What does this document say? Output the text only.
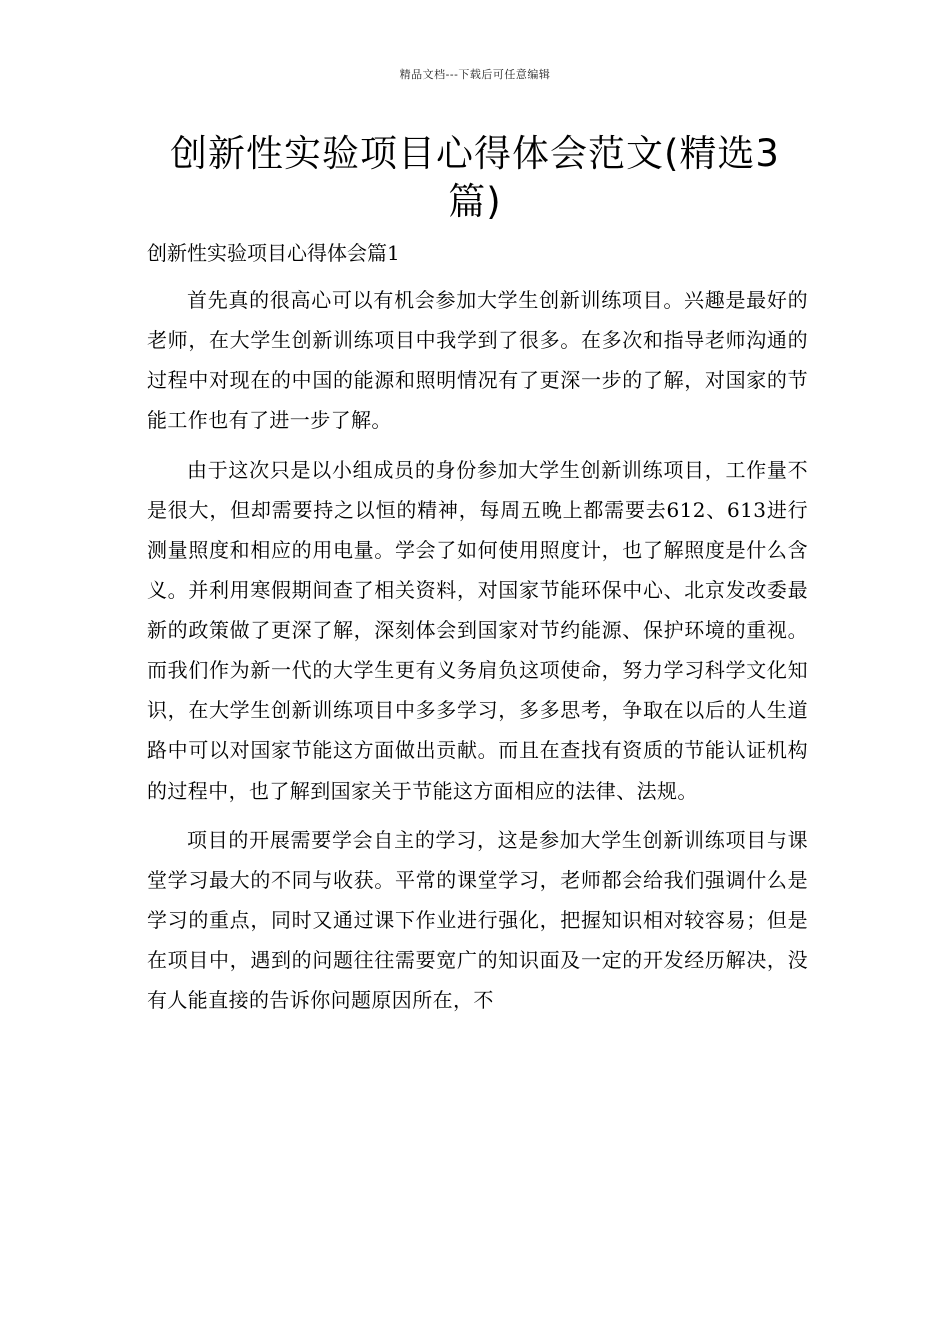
精品文档---下载后可任意编辑
创新性实验项目心得体会范文(精选3篇)
创新性实验项目心得体会篇1

首先真的很高心可以有机会参加大学生创新训练项目。兴趣是最好的老师，在大学生创新训练项目中我学到了很多。在多次和指导老师沟通的过程中对现在的中国的能源和照明情况有了更深一步的了解，对国家的节能工作也有了进一步了解。

由于这次只是以小组成员的身份参加大学生创新训练项目，工作量不是很大，但却需要持之以恒的精神，每周五晚上都需要去612、613进行测量照度和相应的用电量。学会了如何使用照度计，也了解照度是什么含义。并利用寒假期间查了相关资料，对国家节能环保中心、北京发改委最新的政策做了更深了解，深刻体会到国家对节约能源、保护环境的重视。而我们作为新一代的大学生更有义务肩负这项使命，努力学习科学文化知识，在大学生创新训练项目中多多学习，多多思考，争取在以后的人生道路中可以对国家节能这方面做出贡献。而且在查找有资质的节能认证机构的过程中，也了解到国家关于节能这方面相应的法律、法规。

项目的开展需要学会自主的学习，这是参加大学生创新训练项目与课堂学习最大的不同与收获。平常的课堂学习，老师都会给我们强调什么是学习的重点，同时又通过课下作业进行强化，把握知识相对较容易；但是在项目中，遇到的问题往往需要宽广的知识面及一定的开发经历解决，没有人能直接的告诉你问题原因所在，不
